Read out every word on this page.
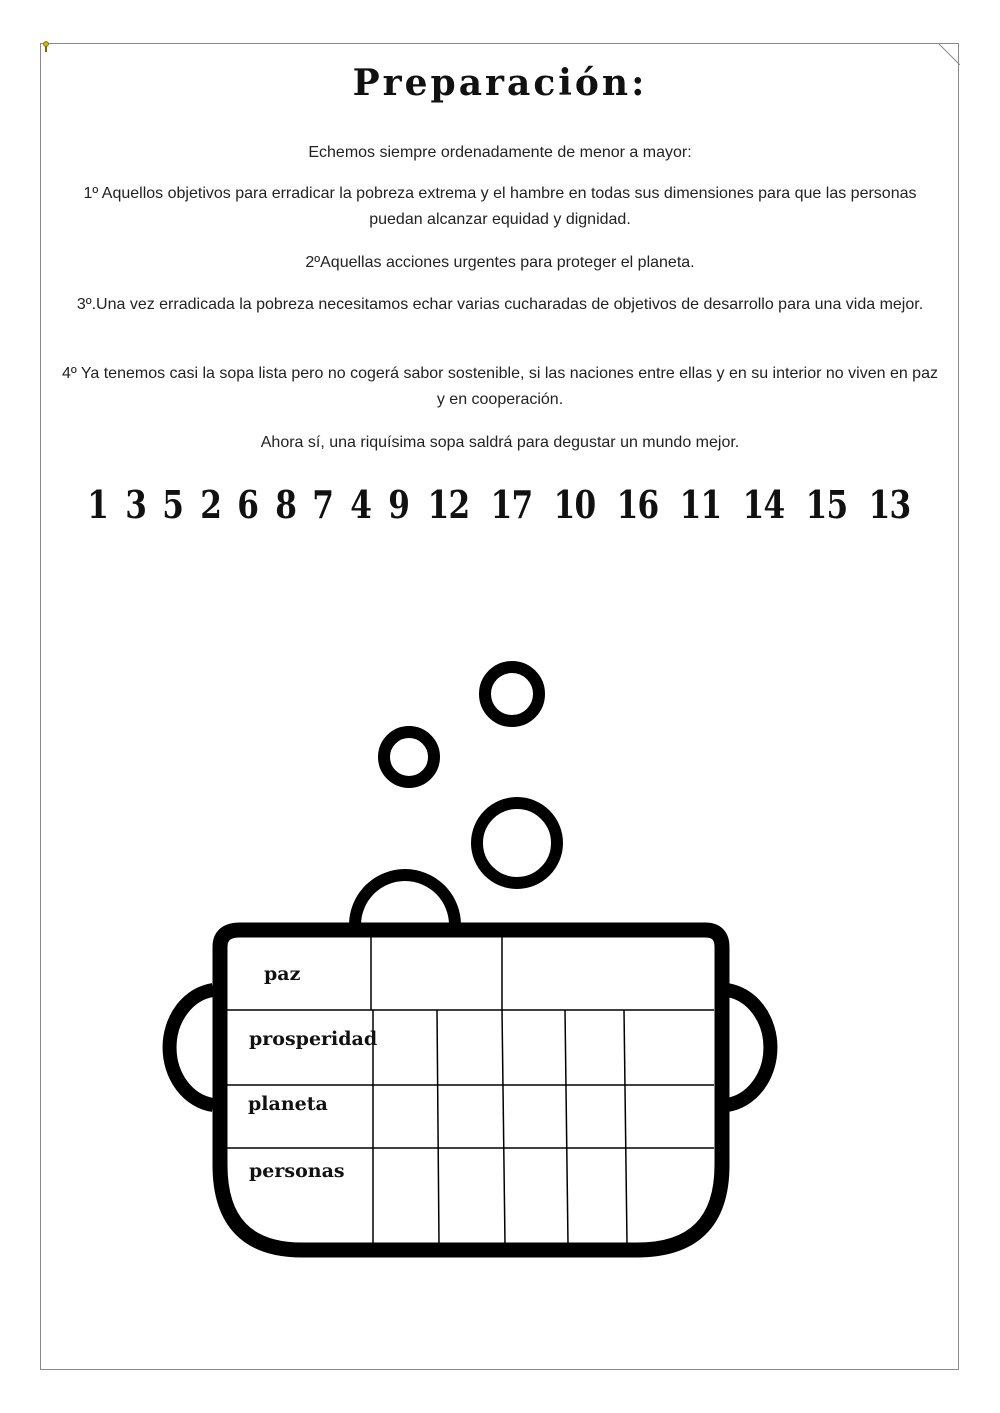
Preparación:

Echemos siempre ordenadamente de menor a mayor:

1º Aquellos objetivos para erradicar la pobreza extrema y el hambre en todas sus dimensiones para que las personas puedan alcanzar equidad y dignidad.

2ºAquellas acciones urgentes para proteger el planeta.

3º.Una vez erradicada la pobreza necesitamos echar varias cucharadas de objetivos de desarrollo para una vida mejor.

4º Ya tenemos casi la sopa lista pero no cogerá sabor sostenible, si las naciones entre ellas y en su interior no viven en paz y en cooperación.

Ahora sí, una riquísima sopa saldrá para degustar un mundo mejor.

1 3 5 2 6 8 7 4 9 12 17 10 16 11 14 15 13
paz
prosperidad
planeta
personas
